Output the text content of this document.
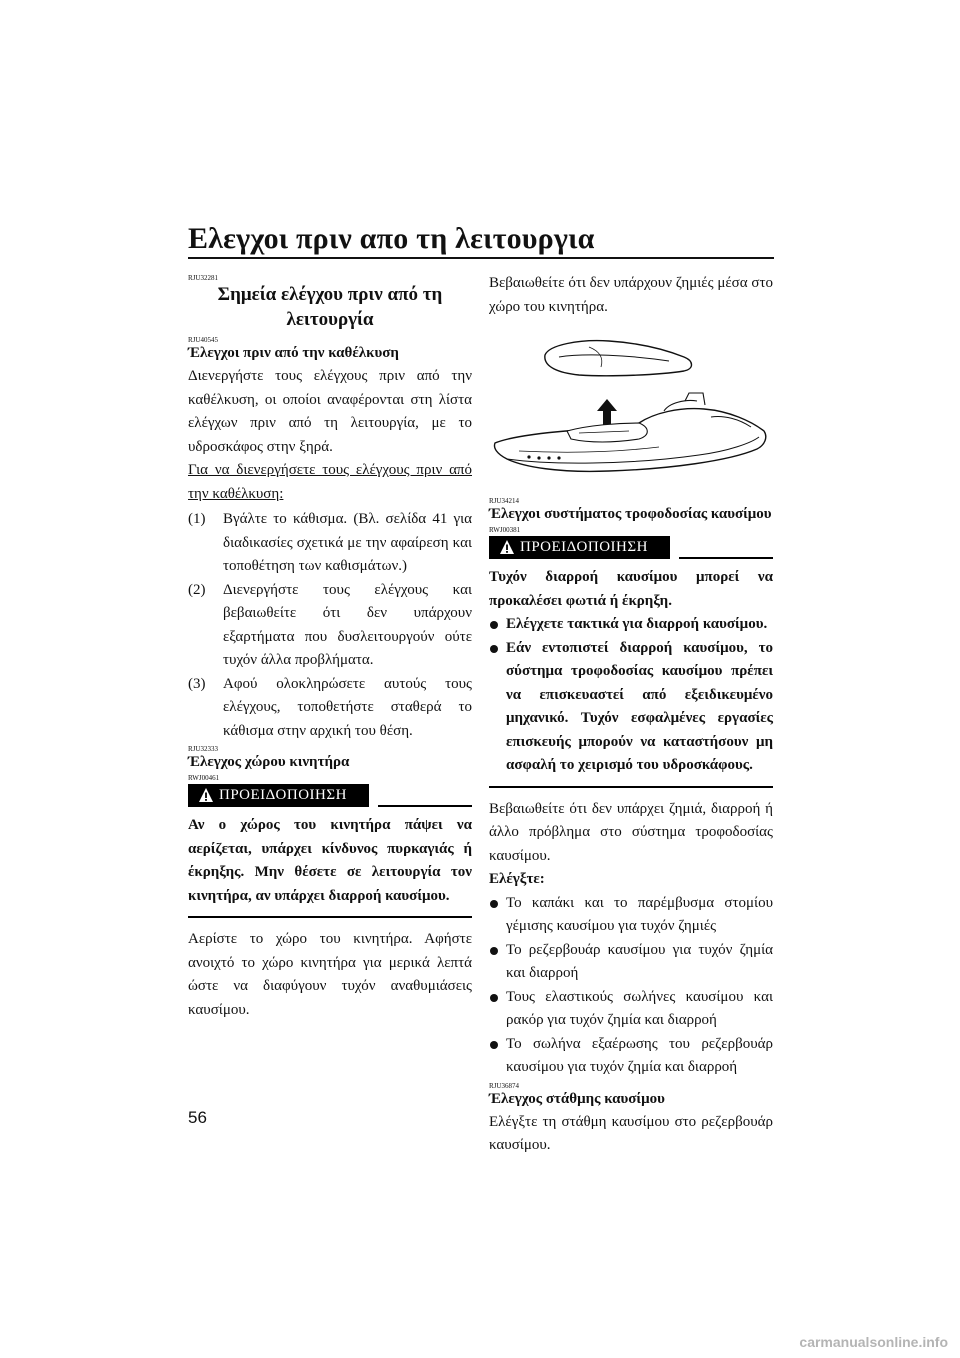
Ελεγχοι πριν απο τη λειτουργια
RJU32281
Σημεία ελέγχου πριν από τη
λειτουργία
RJU40545
Έλεγχοι πριν από την καθέλκυση

Διενεργήστε τους ελέγχους πριν από την καθέλκυση, οι οποίοι αναφέρονται στη λίστα ελέγχων πριν από τη λειτουργία, με το υδροσκάφος στην ξηρά.

Για να διενεργήσετε τους ελέγχους πριν από την καθέλκυση:

(1) Βγάλτε το κάθισμα. (Βλ. σελίδα 41 για διαδικασίες σχετικά με την αφαίρεση και τοποθέτηση των καθισμάτων.)
(2) Διενεργήστε τους ελέγχους και βεβαιωθείτε ότι δεν υπάρχουν εξαρτήματα που δυσλειτουργούν ούτε τυχόν άλλα προβλήματα.
(3) Αφού ολοκληρώσετε αυτούς τους ελέγχους, τοποθετήστε σταθερά το κάθισμα στην αρχική του θέση.
RJU32333
Έλεγχος χώρου κινητήρα
RWJ00461
ΠΡΟΕΙΔΟΠΟΙΗΣΗ

Αν ο χώρος του κινητήρα πάψει να αερίζεται, υπάρχει κίνδυνος πυρκαγιάς ή έκρηξης. Μην θέσετε σε λειτουργία τον κινητήρα, αν υπάρχει διαρροή καυσίμου.

Αερίστε το χώρο του κινητήρα. Αφήστε ανοιχτό το χώρο κινητήρα για μερικά λεπτά ώστε να διαφύγουν τυχόν αναθυμιάσεις καυσίμου.

Βεβαιωθείτε ότι δεν υπάρχουν ζημιές μέσα στο χώρο του κινητήρα.

RJU34214
Έλεγχοι συστήματος τροφοδοσίας καυσίμου
RWJ00381
ΠΡΟΕΙΔΟΠΟΙΗΣΗ

Τυχόν διαρροή καυσίμου μπορεί να προκαλέσει φωτιά ή έκρηξη.

Ελέγχετε τακτικά για διαρροή καυσίμου.
Εάν εντοπιστεί διαρροή καυσίμου, το σύστημα τροφοδοσίας καυσίμου πρέπει να επισκευαστεί από εξειδικευμένο μηχανικό. Τυχόν εσφαλμένες εργασίες επισκευής μπορούν να καταστήσουν μη ασφαλή το χειρισμό του υδροσκάφους.

Βεβαιωθείτε ότι δεν υπάρχει ζημιά, διαρροή ή άλλο πρόβλημα στο σύστημα τροφοδοσίας καυσίμου.

Ελέγξτε:
Το καπάκι και το παρέμβυσμα στομίου γέμισης καυσίμου για τυχόν ζημιές
Το ρεζερβουάρ καυσίμου για τυχόν ζημία και διαρροή
Τους ελαστικούς σωλήνες καυσίμου και ρακόρ για τυχόν ζημία και διαρροή
Το σωλήνα εξαέρωσης του ρεζερβουάρ καυσίμου για τυχόν ζημία και διαρροή
RJU36874
Έλεγχος στάθμης καυσίμου

Ελέγξτε τη στάθμη καυσίμου στο ρεζερβουάρ καυσίμου.

56
carmanualsonline.info
